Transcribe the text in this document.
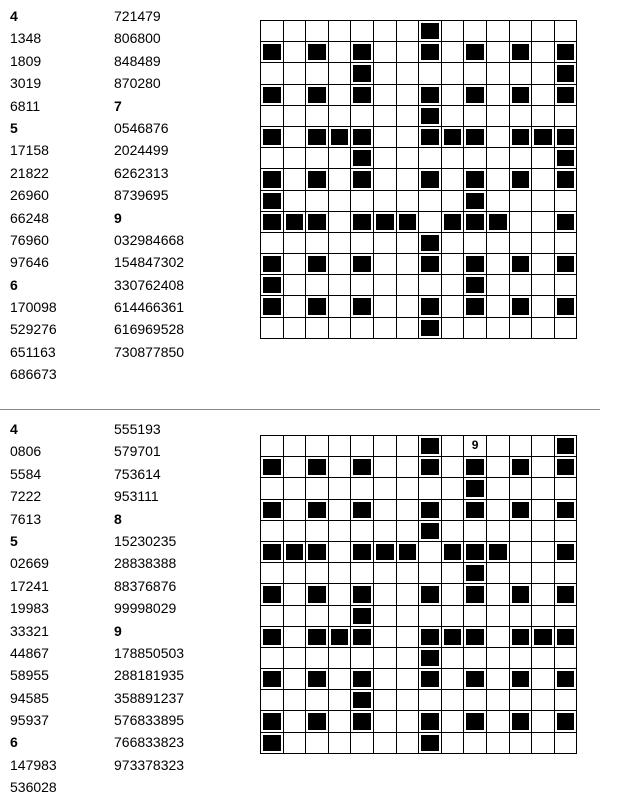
4
1348
1809
3019
6811
5
17158
21822
26960
66248
76960
97646
6
170098
529276
651163
686673
721479
806800
848489
870280
7
0546876
2024499
6262313
8739695
9
032984668
154847302
330762408
614466361
616969528
730877850

4
0806
5584
7222
7613
5
02669
17241
19983
33321
44867
58955
94585
95937
6
147983
536028
555193
579701
753614
953111
8
15230235
28838388
88376876
99998029
9
178850503
288181935
358891237
576833895
766833823
973378323

									9				
